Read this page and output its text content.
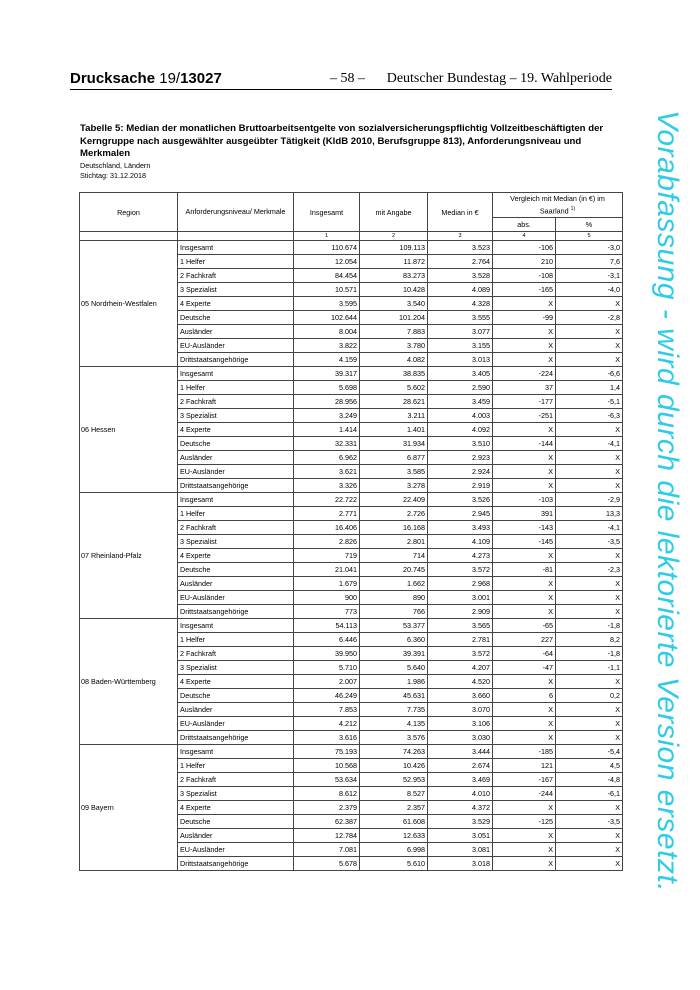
Drucksache 19/13027	– 58 – Deutscher Bundestag – 19. Wahlperiode
Tabelle 5: Median der monatlichen Bruttoarbeitsentgelte von sozialversicherungspflichtig Vollzeitbeschäftigten der Kerngruppe nach ausgewählter ausgeübter Tätigkeit (KldB 2010, Berufsgruppe 813), Anforderungsniveau und Merkmalen
Deutschland, Ländern
Stichtag: 31.12.2018
Region	Anforderungsniveau/ Merkmale	Insgesamt	mit Angabe	Median in €	Vergleich mit Median (in €) im Saarland $^{1)}$
					abs.	%
		1	2	3	4	5
05 Nordrhein-Westfalen	Insgesamt	110.674	109.113	3.523	-106	-3,0
	1 Helfer	12.054	11.872	2.764	210	7,6
	2 Fachkraft	84.454	83.273	3.528	-108	-3,1
	3 Spezialist	10.571	10.428	4.089	-165	-4,0
	4 Experte	3.595	3.540	4.328	X	X
	Deutsche	102.644	101.204	3.555	-99	-2,8
	Ausländer	8.004	7.883	3.077	X	X
	EU-Ausländer	3.822	3.780	3.155	X	X
	Drittstaatsangehörige	4.159	4.082	3.013	X	X
06 Hessen	Insgesamt	39.317	38.835	3.405	-224	-6,6
	1 Helfer	5.698	5.602	2.590	37	1,4
	2 Fachkraft	28.956	28.621	3.459	-177	-5,1
	3 Spezialist	3.249	3.211	4.003	-251	-6,3
	4 Experte	1.414	1.401	4.092	X	X
	Deutsche	32.331	31.934	3.510	-144	-4,1
	Ausländer	6.962	6.877	2.923	X	X
	EU-Ausländer	3.621	3.585	2.924	X	X
	Drittstaatsangehörige	3.326	3.278	2.919	X	X
07 Rheinland-Pfalz	Insgesamt	22.722	22.409	3.526	-103	-2,9
	1 Helfer	2.771	2.726	2.945	391	13,3
	2 Fachkraft	16.406	16.168	3.493	-143	-4,1
	3 Spezialist	2.826	2.801	4.109	-145	-3,5
	4 Experte	719	714	4.273	X	X
	Deutsche	21.041	20.745	3.572	-81	-2,3
	Ausländer	1.679	1.662	2.968	X	X
	EU-Ausländer	900	890	3.001	X	X
	Drittstaatsangehörige	773	766	2.909	X	X
08 Baden-Württemberg	Insgesamt	54.113	53.377	3.565	-65	-1,8
	1 Helfer	6.446	6.360	2.781	227	8,2
	2 Fachkraft	39.950	39.391	3.572	-64	-1,8
	3 Spezialist	5.710	5.640	4.207	-47	-1,1
	4 Experte	2.007	1.986	4.520	X	X
	Deutsche	46.249	45.631	3.660	6	0,2
	Ausländer	7.853	7.735	3.070	X	X
	EU-Ausländer	4.212	4.135	3.106	X	X
	Drittstaatsangehörige	3.616	3.576	3.030	X	X
09 Bayern	Insgesamt	75.193	74.263	3.444	-185	-5,4
	1 Helfer	10.568	10.426	2.674	121	4,5
	2 Fachkraft	53.634	52.953	3.469	-167	-4,8
	3 Spezialist	8.612	8.527	4.010	-244	-6,1
	4 Experte	2.379	2.357	4.372	X	X
	Deutsche	62.387	61.608	3.529	-125	-3,5
	Ausländer	12.784	12.633	3.051	X	X
	EU-Ausländer	7.081	6.998	3.081	X	X
	Drittstaatsangehörige	5.678	5.610	3.018	X	X Vorabfassung - wird durch die lektorierte Version ersetzt.
